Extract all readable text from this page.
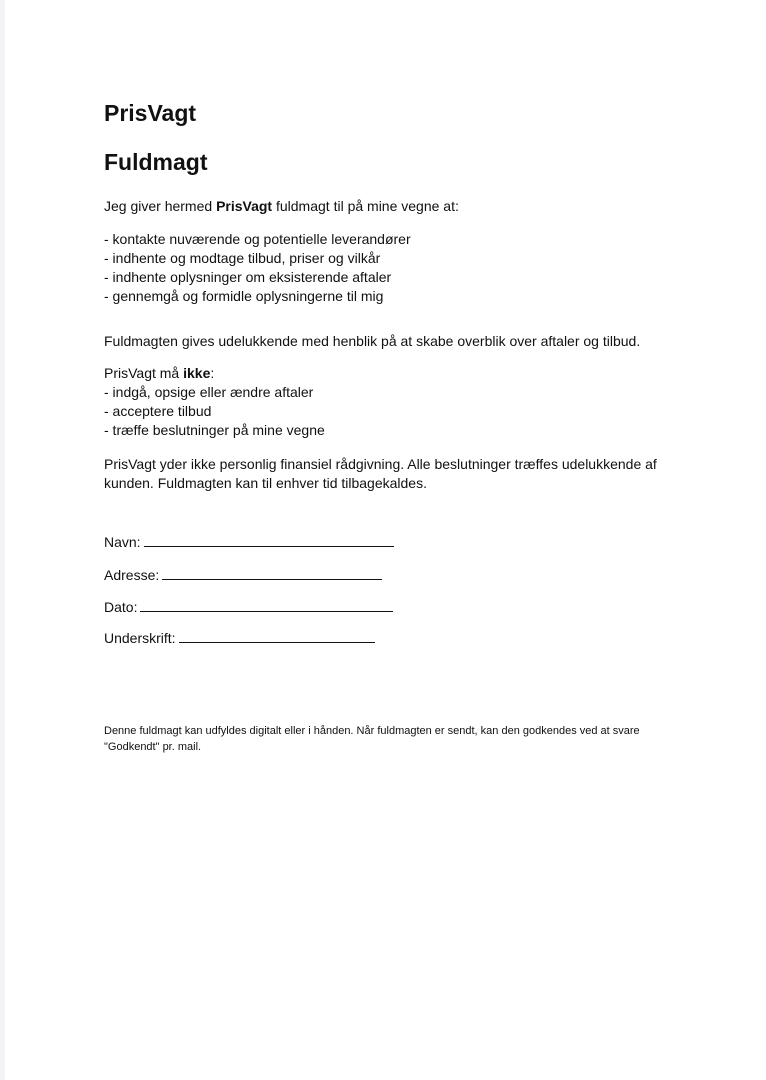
PrisVagt
Fuldmagt

Jeg giver hermed PrisVagt fuldmagt til på mine vegne at:

- kontakte nuværende og potentielle leverandører
- indhente og modtage tilbud, priser og vilkår
- indhente oplysninger om eksisterende aftaler
- gennemgå og formidle oplysningerne til mig

Fuldmagten gives udelukkende med henblik på at skabe overblik over aftaler og tilbud.

PrisVagt må ikke:
- indgå, opsige eller ændre aftaler
- acceptere tilbud
- træffe beslutninger på mine vegne
PrisVagt yder ikke personlig finansiel rådgivning. Alle beslutninger træffes udelukkende af
kunden. Fuldmagten kan til enhver tid tilbagekaldes.
Navn:
Adresse:
Dato:
Underskrift:
Denne fuldmagt kan udfyldes digitalt eller i hånden. Når fuldmagten er sendt, kan den godkendes ved at svare
"Godkendt" pr. mail.
